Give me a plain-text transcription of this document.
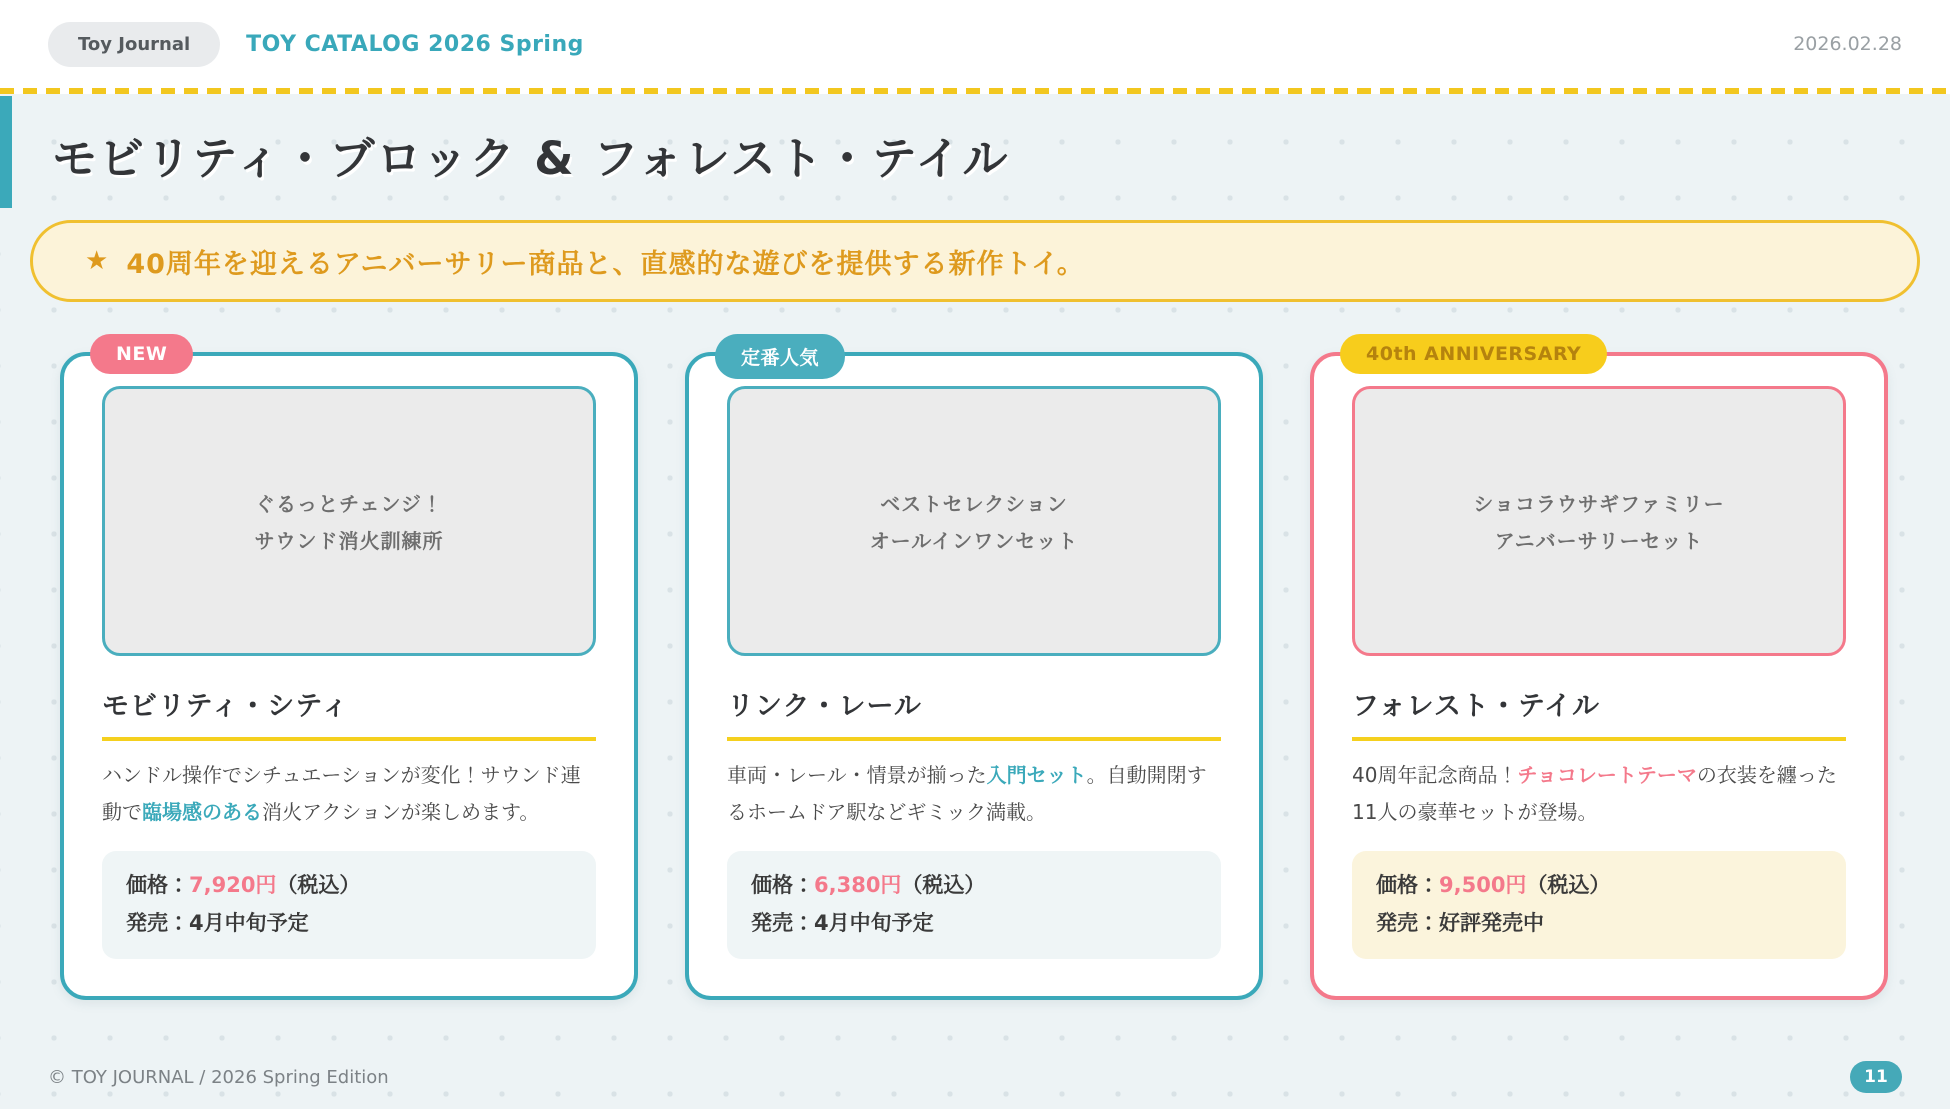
Toy Journal	TOY CATALOG 2026 Spring	2026.02.28
モビリティ・ブロック & フォレスト・テイル
★ 40周年を迎えるアニバーサリー商品と、直感的な遊びを提供する新作トイ。
NEW
ぐるっとチェンジ！
サウンド消火訓練所
モビリティ・シティ

ハンドル操作でシチュエーションが変化！サウンド連動で臨場感のある消火アクションが楽しめます。

価格：7,920円（税込）
発売：4月中旬予定
定番人気
ベストセレクション
オールインワンセット
リンク・レール

車両・レール・情景が揃った入門セット。自動開閉するホームドア駅などギミック満載。

価格：6,380円（税込）
発売：4月中旬予定
40th ANNIVERSARY
ショコラウサギファミリー
アニバーサリーセット
フォレスト・テイル

40周年記念商品！チョコレートテーマの衣装を纏った11人の豪華セットが登場。

価格：9,500円（税込）
発売：好評発売中
© TOY JOURNAL / 2026 Spring Edition	11
